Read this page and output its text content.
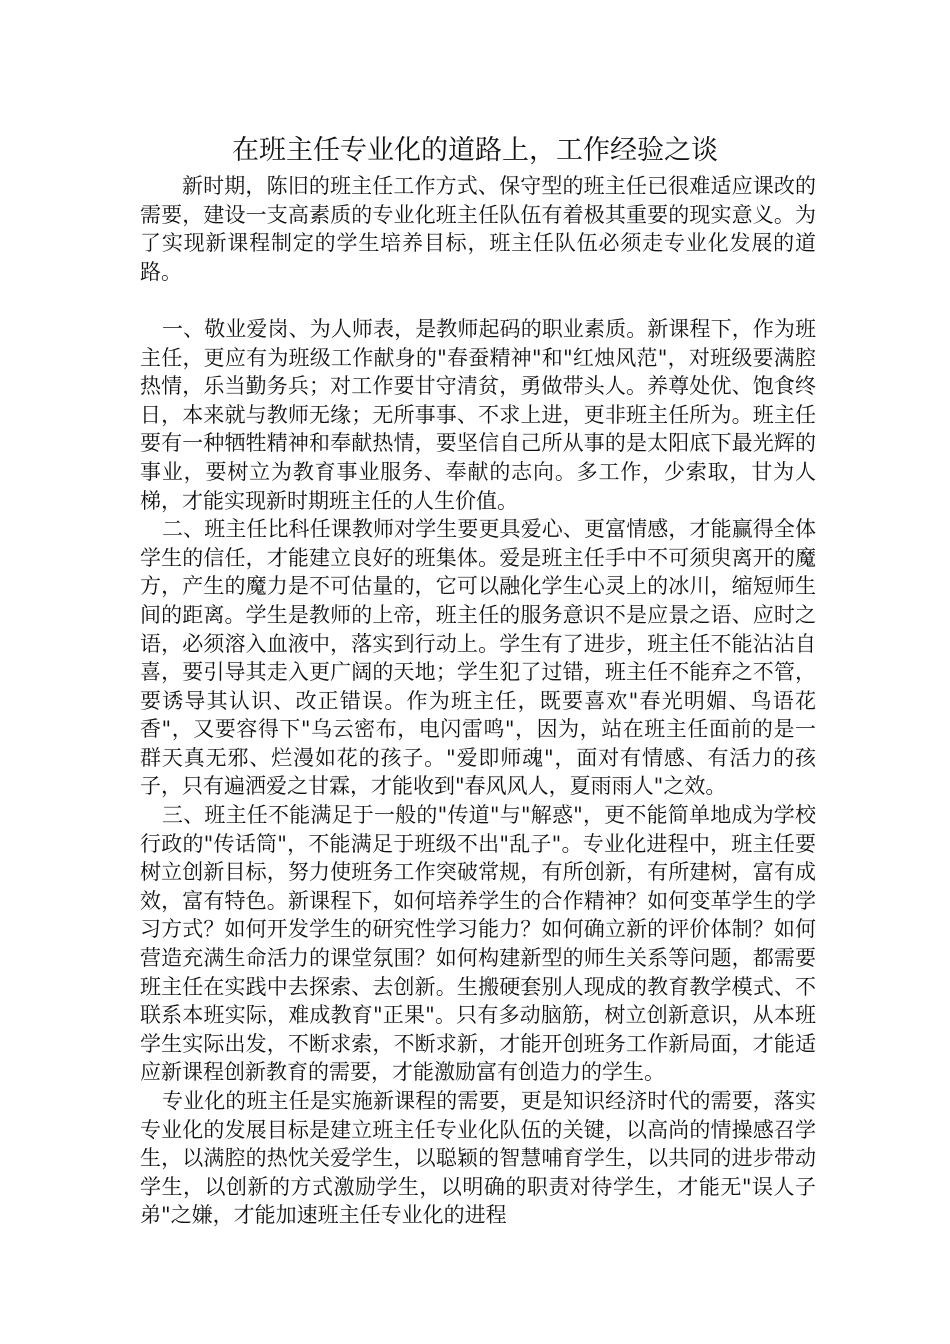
在班主任专业化的道路上，工作经验之谈

新时期，陈旧的班主任工作方式、保守型的班主任已很难适应课改的需要，建设一支高素质的专业化班主任队伍有着极其重要的现实意义。为了实现新课程制定的学生培养目标，班主任队伍必须走专业化发展的道路。

一、敬业爱岗、为人师表，是教师起码的职业素质。新课程下，作为班主任，更应有为班级工作献身的"春蚕精神"和"红烛风范"，对班级要满腔热情，乐当勤务兵；对工作要甘守清贫，勇做带头人。养尊处优、饱食终日，本来就与教师无缘；无所事事、不求上进，更非班主任所为。班主任要有一种牺牲精神和奉献热情，要坚信自己所从事的是太阳底下最光辉的事业，要树立为教育事业服务、奉献的志向。多工作，少索取，甘为人梯，才能实现新时期班主任的人生价值。

二、班主任比科任课教师对学生要更具爱心、更富情感，才能赢得全体学生的信任，才能建立良好的班集体。爱是班主任手中不可须臾离开的魔方，产生的魔力是不可估量的，它可以融化学生心灵上的冰川，缩短师生间的距离。学生是教师的上帝，班主任的服务意识不是应景之语、应时之语，必须溶入血液中，落实到行动上。学生有了进步，班主任不能沾沾自喜，要引导其走入更广阔的天地；学生犯了过错，班主任不能弃之不管，要诱导其认识、改正错误。作为班主任，既要喜欢"春光明媚、鸟语花香"，又要容得下"乌云密布，电闪雷鸣"，因为，站在班主任面前的是一群天真无邪、烂漫如花的孩子。"爱即师魂"，面对有情感、有活力的孩子，只有遍洒爱之甘霖，才能收到"春风风人，夏雨雨人"之效。

三、班主任不能满足于一般的"传道"与"解惑"，更不能简单地成为学校行政的"传话筒"，不能满足于班级不出"乱子"。专业化进程中，班主任要树立创新目标，努力使班务工作突破常规，有所创新，有所建树，富有成效，富有特色。新课程下，如何培养学生的合作精神？如何变革学生的学习方式？如何开发学生的研究性学习能力？如何确立新的评价体制？如何营造充满生命活力的课堂氛围？如何构建新型的师生关系等问题，都需要班主任在实践中去探索、去创新。生搬硬套别人现成的教育教学模式、不联系本班实际，难成教育"正果"。只有多动脑筋，树立创新意识，从本班学生实际出发，不断求索，不断求新，才能开创班务工作新局面，才能适应新课程创新教育的需要，才能激励富有创造力的学生。

专业化的班主任是实施新课程的需要，更是知识经济时代的需要，落实专业化的发展目标是建立班主任专业化队伍的关键，以高尚的情操感召学生，以满腔的热忱关爱学生，以聪颖的智慧哺育学生，以共同的进步带动学生，以创新的方式激励学生，以明确的职责对待学生，才能无"误人子弟"之嫌，才能加速班主任专业化的进程
